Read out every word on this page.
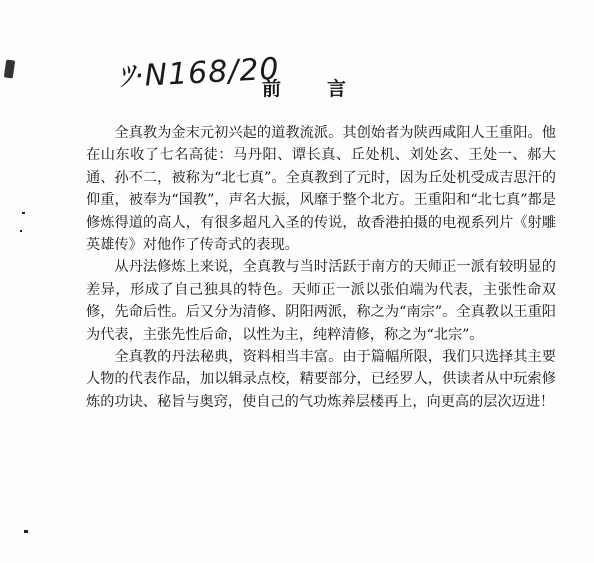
ﾂ·N168/20
前言

全真教为金末元初兴起的道教流派。其创始者为陕西咸阳人王重阳。他在山东收了七名高徒：马丹阳、谭长真、丘处机、刘处玄、王处一、郝大通、孙不二，被称为“北七真”。全真教到了元时，因为丘处机受成吉思汗的仰重，被奉为“国教”，声名大振，风靡于整个北方。王重阳和“北七真”都是修炼得道的高人，有很多超凡入圣的传说，故香港拍摄的电视系列片《射雕英雄传》对他作了传奇式的表现。

从丹法修炼上来说，全真教与当时活跃于南方的天师正一派有较明显的差异，形成了自己独具的特色。天师正一派以张伯端为代表，主张性命双修，先命后性。后又分为清修、阴阳两派，称之为“南宗”。全真教以王重阳为代表，主张先性后命，以性为主，纯粹清修，称之为“北宗”。

全真教的丹法秘典，资料相当丰富。由于篇幅所限，我们只选择其主要人物的代表作品，加以辑录点校，精要部分，已经罗人，供读者从中玩索修炼的功诀、秘旨与奥窍，使自己的气功炼养层楼再上，向更高的层次迈进！
